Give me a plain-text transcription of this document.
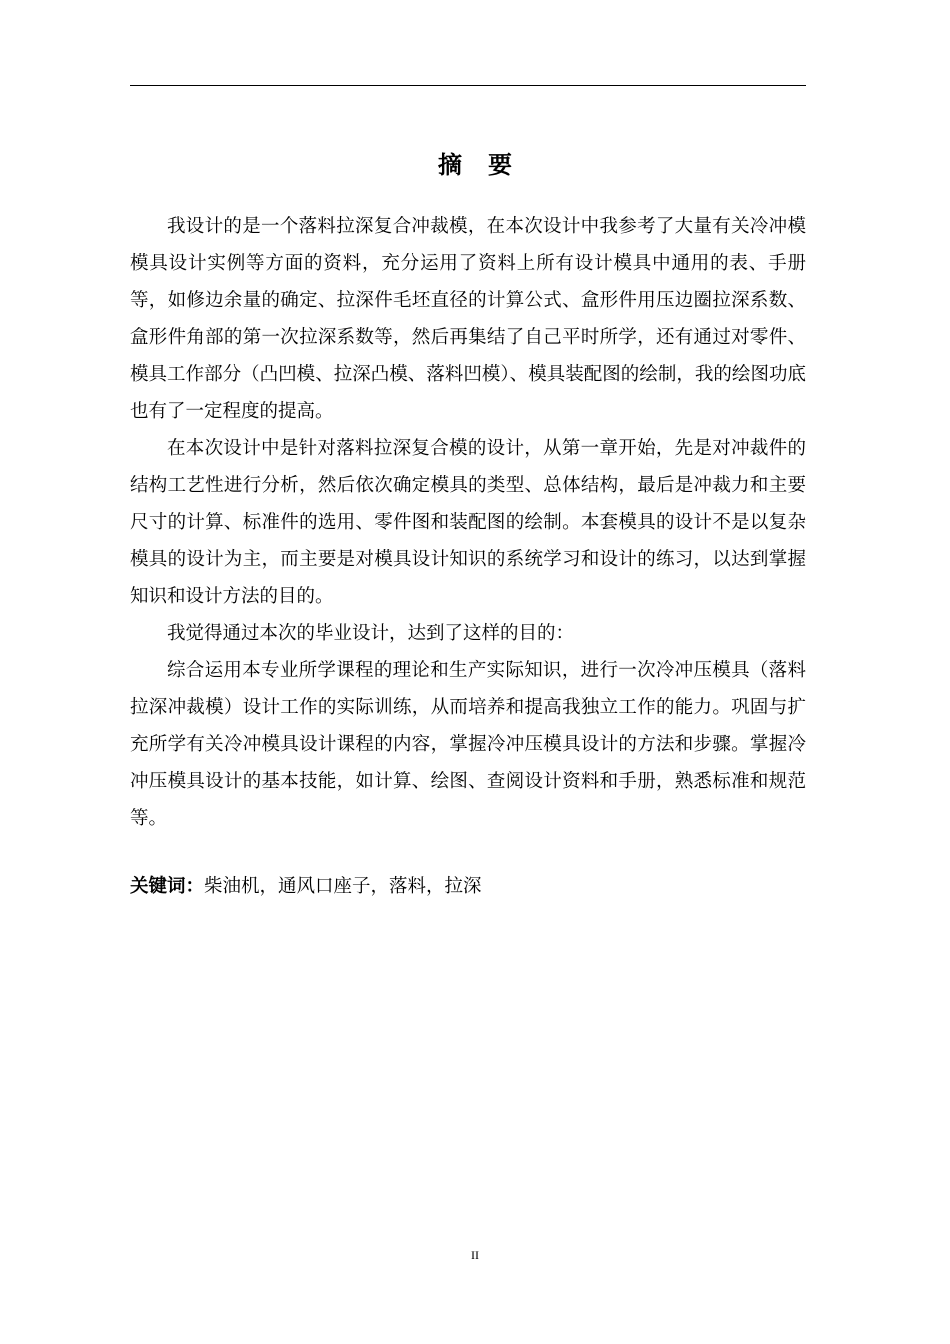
摘 要

我设计的是一个落料拉深复合冲裁模，在本次设计中我参考了大量有关冷冲模模具设计实例等方面的资料，充分运用了资料上所有设计模具中通用的表、手册等，如修边余量的确定、拉深件毛坯直径的计算公式、盒形件用压边圈拉深系数、盒形件角部的第一次拉深系数等，然后再集结了自己平时所学，还有通过对零件、模具工作部分（凸凹模、拉深凸模、落料凹模）、模具装配图的绘制，我的绘图功底也有了一定程度的提高。

在本次设计中是针对落料拉深复合模的设计，从第一章开始，先是对冲裁件的结构工艺性进行分析，然后依次确定模具的类型、总体结构，最后是冲裁力和主要尺寸的计算、标准件的选用、零件图和装配图的绘制。本套模具的设计不是以复杂模具的设计为主，而主要是对模具设计知识的系统学习和设计的练习，以达到掌握知识和设计方法的目的。

我觉得通过本次的毕业设计，达到了这样的目的：

综合运用本专业所学课程的理论和生产实际知识，进行一次冷冲压模具（落料拉深冲裁模）设计工作的实际训练，从而培养和提高我独立工作的能力。巩固与扩充所学有关冷冲模具设计课程的内容，掌握冷冲压模具设计的方法和步骤。掌握冷冲压模具设计的基本技能，如计算、绘图、查阅设计资料和手册，熟悉标准和规范等。

关键词：柴油机，通风口座子，落料，拉深
II
